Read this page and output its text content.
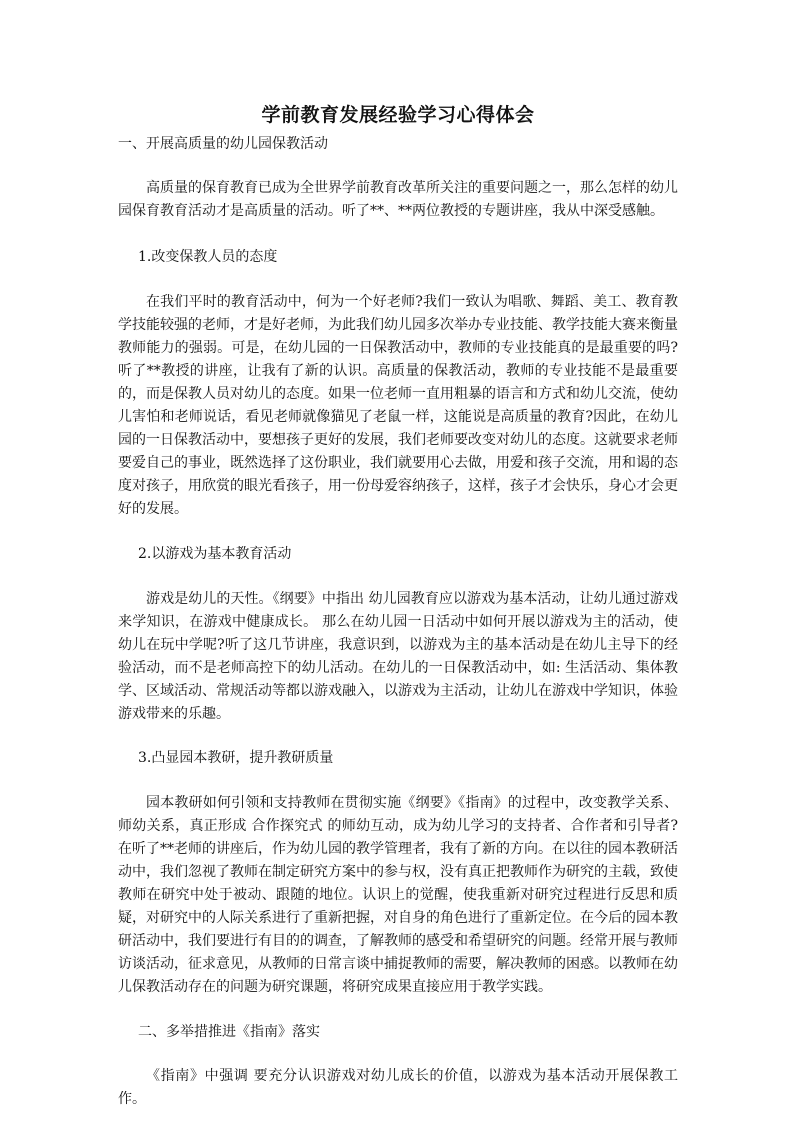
学前教育发展经验学习心得体会
一、开展高质量的幼儿园保教活动

高质量的保育教育已成为全世界学前教育改革所关注的重要问题之一，那么怎样的幼儿园保育教育活动才是高质量的活动。听了**、**两位教授的专题讲座，我从中深受感触。

1.改变保教人员的态度

在我们平时的教育活动中，何为一个好老师?我们一致认为唱歌、舞蹈、美工、教育教学技能较强的老师，才是好老师，为此我们幼儿园多次举办专业技能、教学技能大赛来衡量教师能力的强弱。可是，在幼儿园的一日保教活动中，教师的专业技能真的是最重要的吗?听了**教授的讲座，让我有了新的认识。高质量的保教活动，教师的专业技能不是最重要的，而是保教人员对幼儿的态度。如果一位老师一直用粗暴的语言和方式和幼儿交流，使幼儿害怕和老师说话，看见老师就像猫见了老鼠一样，这能说是高质量的教育?因此，在幼儿园的一日保教活动中，要想孩子更好的发展，我们老师要改变对幼儿的态度。这就要求老师要爱自己的事业，既然选择了这份职业，我们就要用心去做，用爱和孩子交流，用和谒的态度对孩子，用欣赏的眼光看孩子，用一份母爱容纳孩子，这样，孩子才会快乐，身心才会更好的发展。

2.以游戏为基本教育活动

游戏是幼儿的天性。《纲要》中指出 幼儿园教育应以游戏为基本活动，让幼儿通过游戏来学知识，在游戏中健康成长。 那么在幼儿园一日活动中如何开展以游戏为主的活动，使幼儿在玩中学呢?听了这几节讲座，我意识到，以游戏为主的基本活动是在幼儿主导下的经验活动，而不是老师高控下的幼儿活动。在幼儿的一日保教活动中，如: 生活活动、集体教学、区域活动、常规活动等都以游戏融入，以游戏为主活动，让幼儿在游戏中学知识，体验游戏带来的乐趣。

3.凸显园本教研，提升教研质量

园本教研如何引领和支持教师在贯彻实施《纲要》《指南》的过程中，改变教学关系、师幼关系，真正形成 合作探究式 的师幼互动，成为幼儿学习的支持者、合作者和引导者?在听了**老师的讲座后，作为幼儿园的教学管理者，我有了新的方向。在以往的园本教研活动中，我们忽视了教师在制定研究方案中的参与权，没有真正把教师作为研究的主载，致使教师在研究中处于被动、跟随的地位。认识上的觉醒，使我重新对研究过程进行反思和质疑，对研究中的人际关系进行了重新把握，对自身的角色进行了重新定位。在今后的园本教研活动中，我们要进行有目的的调查，了解教师的感受和希望研究的问题。经常开展与教师访谈活动，征求意见，从教师的日常言谈中捕捉教师的需要，解决教师的困惑。以教师在幼儿保教活动存在的问题为研究课题，将研究成果直接应用于教学实践。

二、多举措推进《指南》落实

《指南》中强调 要充分认识游戏对幼儿成长的价值，以游戏为基本活动开展保教工作。
